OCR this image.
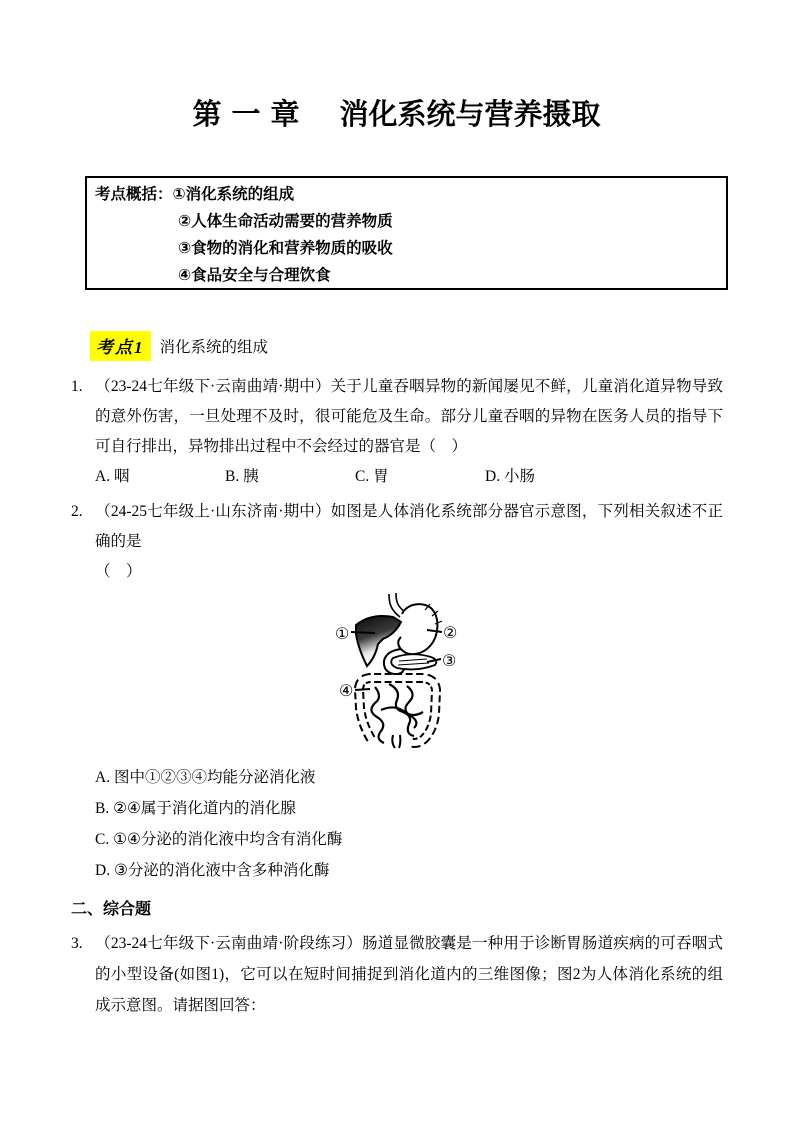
第一章 消化系统与营养摄取
考点概括：①消化系统的组成
②人体生命活动需要的营养物质
③食物的消化和营养物质的吸收
④食品安全与合理饮食
考点1 消化系统的组成

1. （23-24七年级下·云南曲靖·期中）关于儿童吞咽异物的新闻屡见不鲜，儿童消化道异物导致的意外伤害，一旦处理不及时，很可能危及生命。部分儿童吞咽的异物在医务人员的指导下可自行排出，异物排出过程中不会经过的器官是（　）

A. 咽	B. 胰	C. 胃	D. 小肠

2. （24-25七年级上·山东济南·期中）如图是人体消化系统部分器官示意图，下列相关叙述不正确的是

（　）

①	②
③
④
A. 图中①②③④均能分泌消化液
B. ②④属于消化道内的消化腺
C. ①④分泌的消化液中均含有消化酶
D. ③分泌的消化液中含多种消化酶
二、综合题

3. （23-24七年级下·云南曲靖·阶段练习）肠道显微胶囊是一种用于诊断胃肠道疾病的可吞咽式的小型设备(如图1)，它可以在短时间捕捉到消化道内的三维图像；图2为人体消化系统的组成示意图。请据图回答：
